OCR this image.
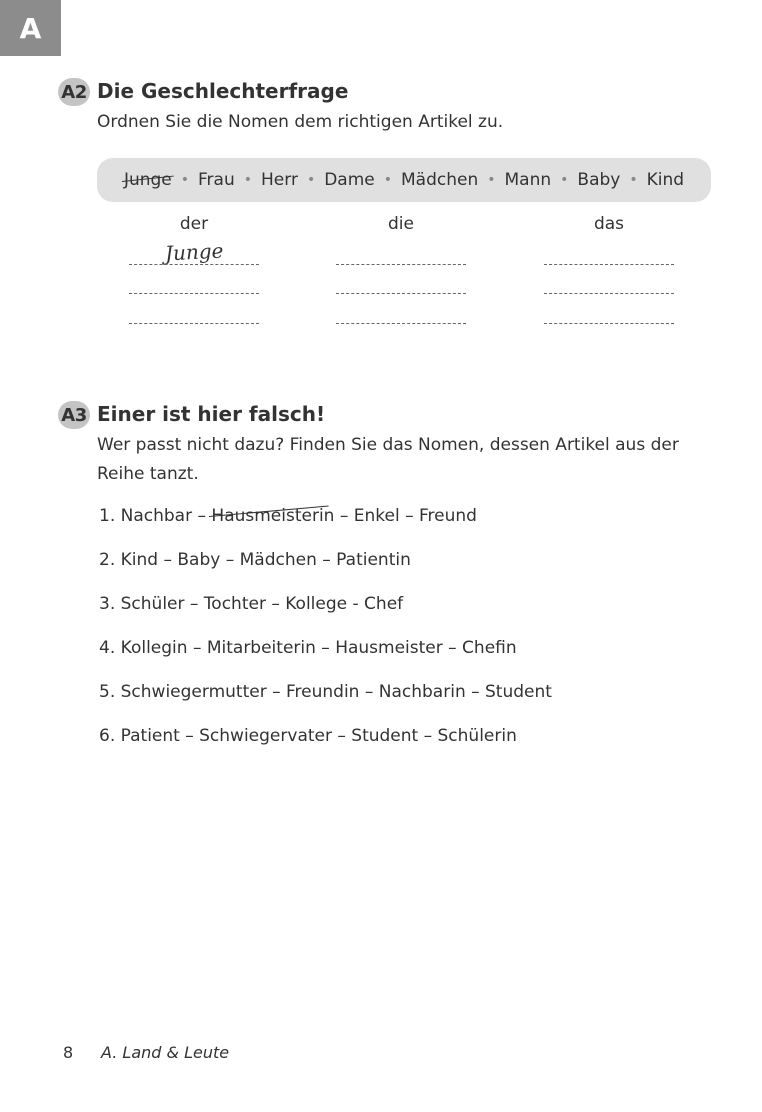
A
A2 Die Geschlechterfrage
Ordnen Sie die Nomen dem richtigen Artikel zu.
Junge • Frau • Herr • Dame • Mädchen • Mann • Baby • Kind
der	die	das
Junge
A3 Einer ist hier falsch!
Wer passt nicht dazu? Finden Sie das Nomen, dessen Artikel aus der
Reihe tanzt.
1. Nachbar – Hausmeisterin
– Enkel – Freund
2. Kind – Baby – Mädchen – Patientin
3. Schüler – Tochter – Kollege - Chef
4. Kollegin – Mitarbeiterin – Hausmeister – Chefin
5. Schwiegermutter – Freundin – Nachbarin – Student
6. Patient – Schwiegervater – Student – Schülerin
8 A. Land & Leute
